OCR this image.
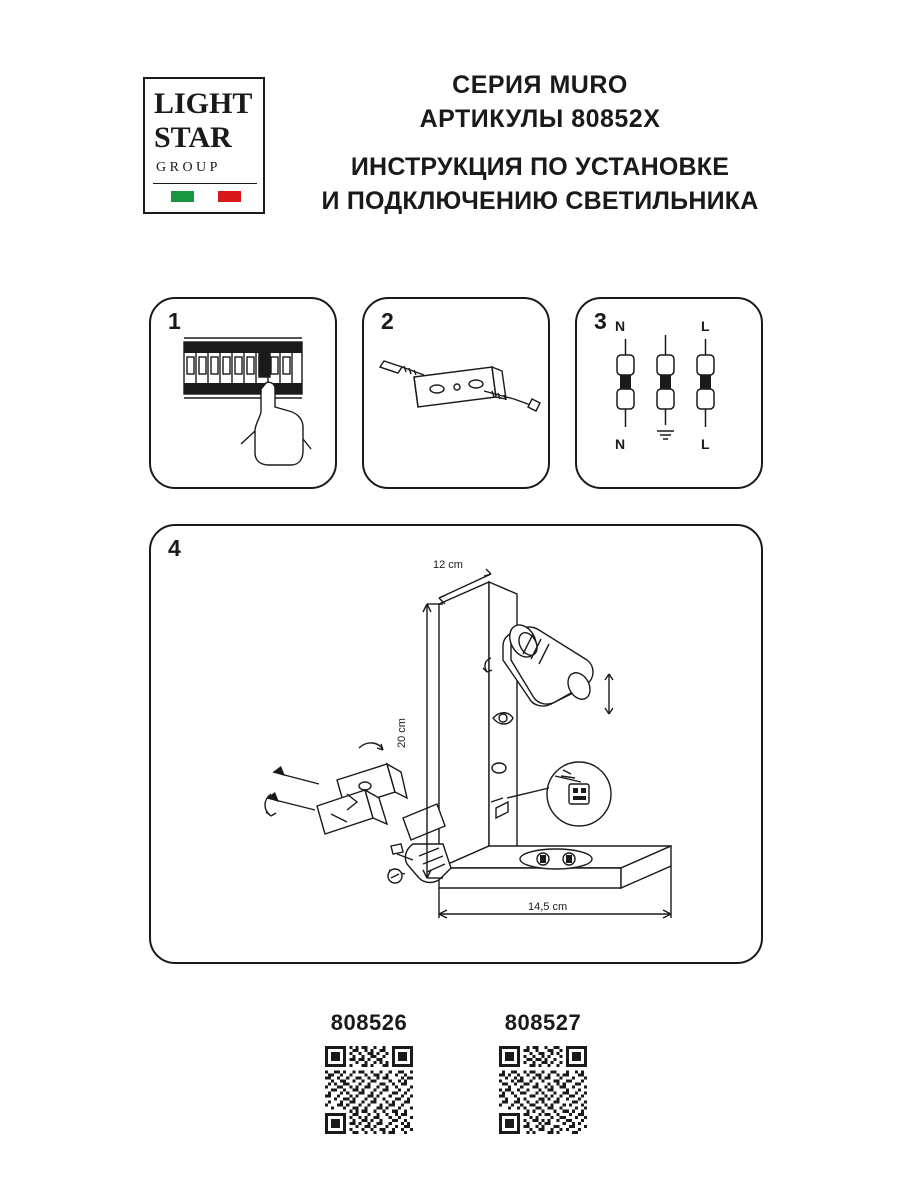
LIGHT
STAR
GROUP
СЕРИЯ MURO
АРТИКУЛЫ 80852X
ИНСТРУКЦИЯ ПО УСТАНОВКЕ
И ПОДКЛЮЧЕНИЮ СВЕТИЛЬНИКА
1	2	3 N	L
N	L
4
12 cm
20 cm
14,5 cm
808526	808527
